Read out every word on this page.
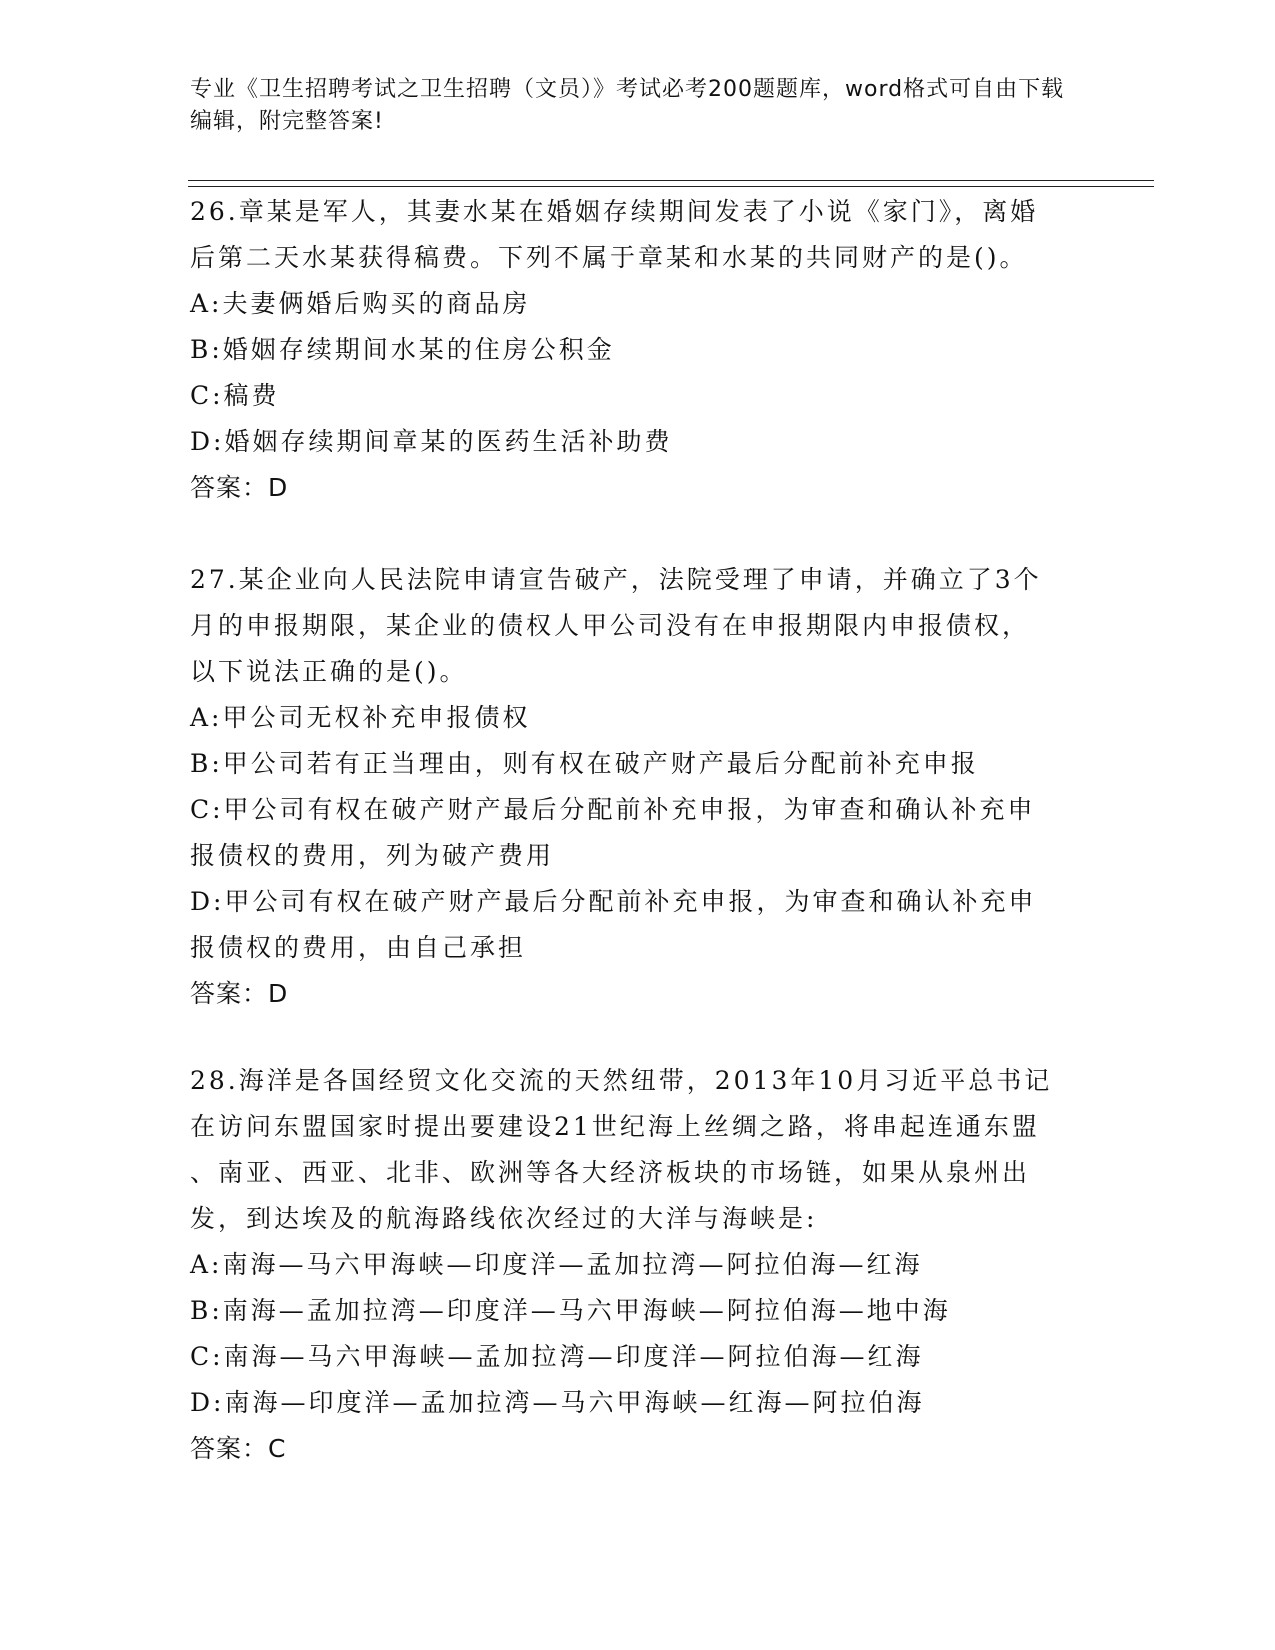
专业《卫生招聘考试之卫生招聘（文员）》考试必考200题题库，word格式可自由下载编辑，附完整答案!
26.章某是军人，其妻水某在婚姻存续期间发表了小说《家门》，离婚
后第二天水某获得稿费。下列不属于章某和水某的共同财产的是()。
A:夫妻俩婚后购买的商品房
B:婚姻存续期间水某的住房公积金
C:稿费
D:婚姻存续期间章某的医药生活补助费
答案：D
27.某企业向人民法院申请宣告破产，法院受理了申请，并确立了3个
月的申报期限，某企业的债权人甲公司没有在申报期限内申报债权，
以下说法正确的是()。
A:甲公司无权补充申报债权
B:甲公司若有正当理由，则有权在破产财产最后分配前补充申报
C:甲公司有权在破产财产最后分配前补充申报，为审查和确认补充申
报债权的费用，列为破产费用
D:甲公司有权在破产财产最后分配前补充申报，为审查和确认补充申
报债权的费用，由自己承担
答案：D
28.海洋是各国经贸文化交流的天然纽带，2013年10月习近平总书记
在访问东盟国家时提出要建设21世纪海上丝绸之路，将串起连通东盟
、南亚、西亚、北非、欧洲等各大经济板块的市场链，如果从泉州出
发，到达埃及的航海路线依次经过的大洋与海峡是:
A:南海—马六甲海峡—印度洋—孟加拉湾—阿拉伯海—红海
B:南海—孟加拉湾—印度洋—马六甲海峡—阿拉伯海—地中海
C:南海—马六甲海峡—孟加拉湾—印度洋—阿拉伯海—红海
D:南海—印度洋—孟加拉湾—马六甲海峡—红海—阿拉伯海
答案：C
